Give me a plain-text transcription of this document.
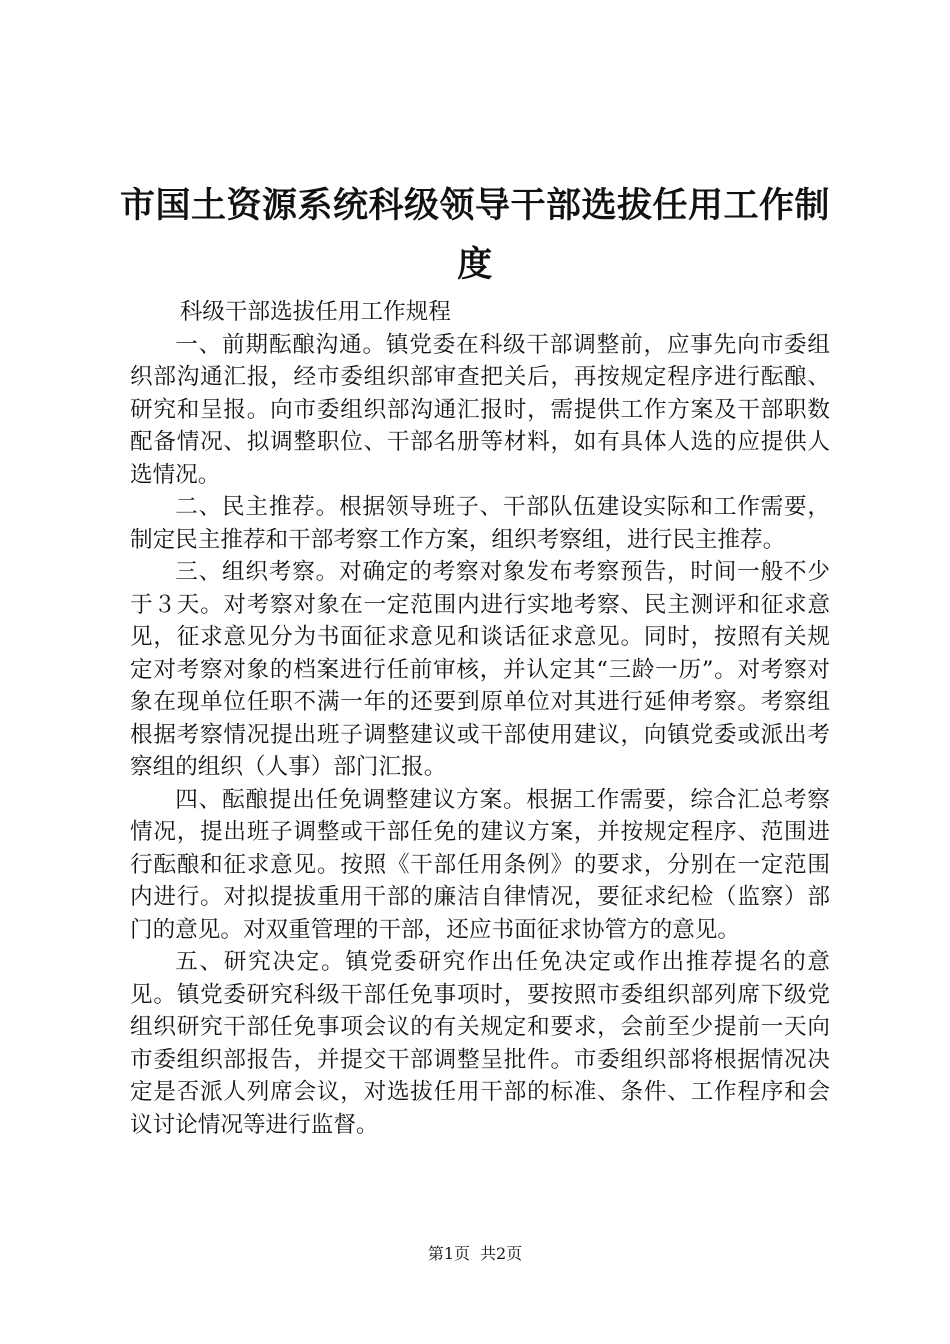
市国土资源系统科级领导干部选拔任用工作制度

科级干部选拔任用工作规程

一、前期酝酿沟通。镇党委在科级干部调整前，应事先向市委组织部沟通汇报，经市委组织部审查把关后，再按规定程序进行酝酿、研究和呈报。向市委组织部沟通汇报时，需提供工作方案及干部职数配备情况、拟调整职位、干部名册等材料，如有具体人选的应提供人选情况。

二、民主推荐。根据领导班子、干部队伍建设实际和工作需要，制定民主推荐和干部考察工作方案，组织考察组，进行民主推荐。

三、组织考察。对确定的考察对象发布考察预告，时间一般不少于３天。对考察对象在一定范围内进行实地考察、民主测评和征求意见，征求意见分为书面征求意见和谈话征求意见。同时，按照有关规定对考察对象的档案进行任前审核，并认定其“三龄一历”。对考察对象在现单位任职不满一年的还要到原单位对其进行延伸考察。考察组根据考察情况提出班子调整建议或干部使用建议，向镇党委或派出考察组的组织（人事）部门汇报。

四、酝酿提出任免调整建议方案。根据工作需要，综合汇总考察情况，提出班子调整或干部任免的建议方案，并按规定程序、范围进行酝酿和征求意见。按照《干部任用条例》的要求，分别在一定范围内进行。对拟提拔重用干部的廉洁自律情况，要征求纪检（监察）部门的意见。对双重管理的干部，还应书面征求协管方的意见。

五、研究决定。镇党委研究作出任免决定或作出推荐提名的意见。镇党委研究科级干部任免事项时，要按照市委组织部列席下级党组织研究干部任免事项会议的有关规定和要求，会前至少提前一天向市委组织部报告，并提交干部调整呈批件。市委组织部将根据情况决定是否派人列席会议，对选拔任用干部的标准、条件、工作程序和会议讨论情况等进行监督。

第1页 共2页
